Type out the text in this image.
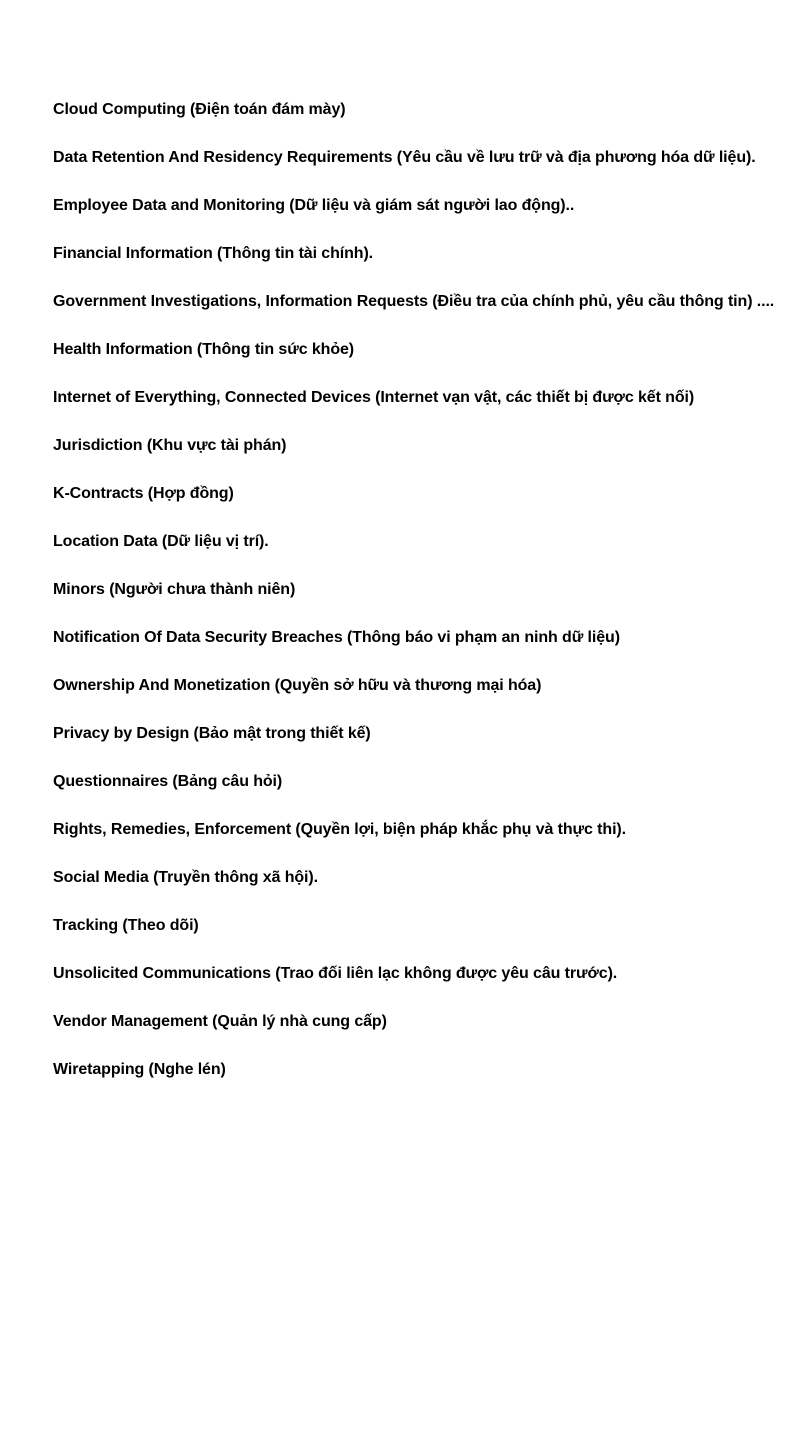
Cloud Computing (Điện toán đám mày)

Data Retention And Residency Requirements (Yêu cầu về lưu trữ và địa phương hóa dữ liệu).

Employee Data and Monitoring (Dữ liệu và giám sát người lao động)..

Financial Information (Thông tin tài chính).

Government Investigations, Information Requests (Điều tra của chính phủ, yêu cầu thông tin) ....

Health Information (Thông tin sức khỏe)

Internet of Everything, Connected Devices (Internet vạn vật, các thiết bị được kết nối)

Jurisdiction (Khu vực tài phán)

K-Contracts (Hợp đồng)

Location Data (Dữ liệu vị trí).

Minors (Người chưa thành niên)

Notification Of Data Security Breaches (Thông báo vi phạm an ninh dữ liệu)

Ownership And Monetization (Quyền sở hữu và thương mại hóa)

Privacy by Design (Bảo mật trong thiết kế)

Questionnaires (Bảng câu hỏi)

Rights, Remedies, Enforcement (Quyền lợi, biện pháp khắc phụ và thực thi).

Social Media (Truyền thông xã hội).

Tracking (Theo dõi)

Unsolicited Communications (Trao đối liên lạc không được yêu câu trước).

Vendor Management (Quản lý nhà cung cấp)

Wiretapping (Nghe lén)
